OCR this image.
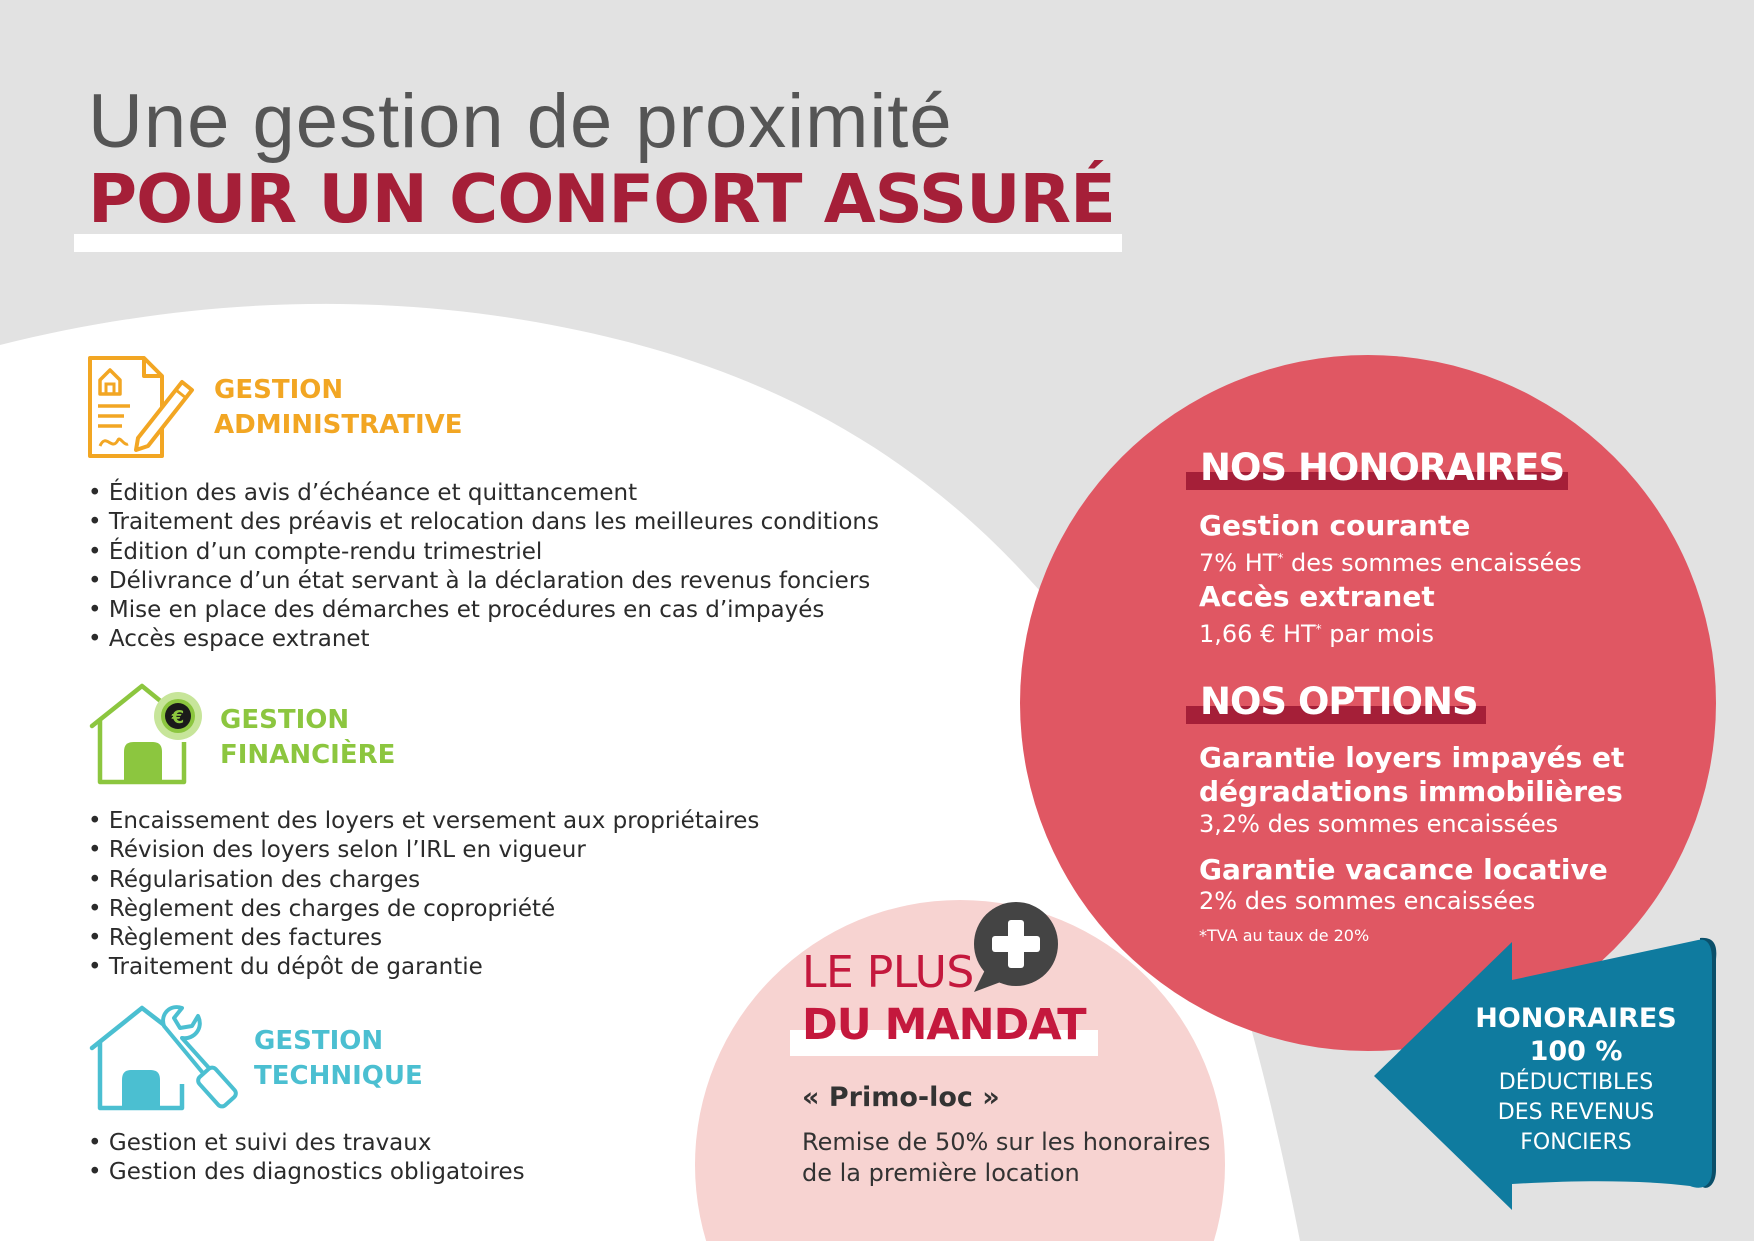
Une gestion de proximité
POUR UN CONFORT ASSURÉ
GESTION
ADMINISTRATIVE
• Édition des avis d’échéance et quittancement
• Traitement des préavis et relocation dans les meilleures conditions
• Édition d’un compte-rendu trimestriel
• Délivrance d’un état servant à la déclaration des revenus fonciers
• Mise en place des démarches et procédures en cas d’impayés
• Accès espace extranet
€ GESTION
FINANCIÈRE
• Encaissement des loyers et versement aux propriétaires
• Révision des loyers selon l’IRL en vigueur
• Régularisation des charges
• Règlement des charges de copropriété
• Règlement des factures
• Traitement du dépôt de garantie
GESTION
TECHNIQUE
• Gestion et suivi des travaux
• Gestion des diagnostics obligatoires
NOS HONORAIRES
Gestion courante
7% HT* des sommes encaissées
Accès extranet
1,66 € HT* par mois
NOS OPTIONS
Garantie loyers impayés et
dégradations immobilières
3,2% des sommes encaissées
Garantie vacance locative
2% des sommes encaissées
*TVA au taux de 20%
LE PLUS
DU MANDAT
« Primo-loc »
Remise de 50% sur les honoraires
de la première location
HONORAIRES
100 %
DÉDUCTIBLES
DES REVENUS
FONCIERS
